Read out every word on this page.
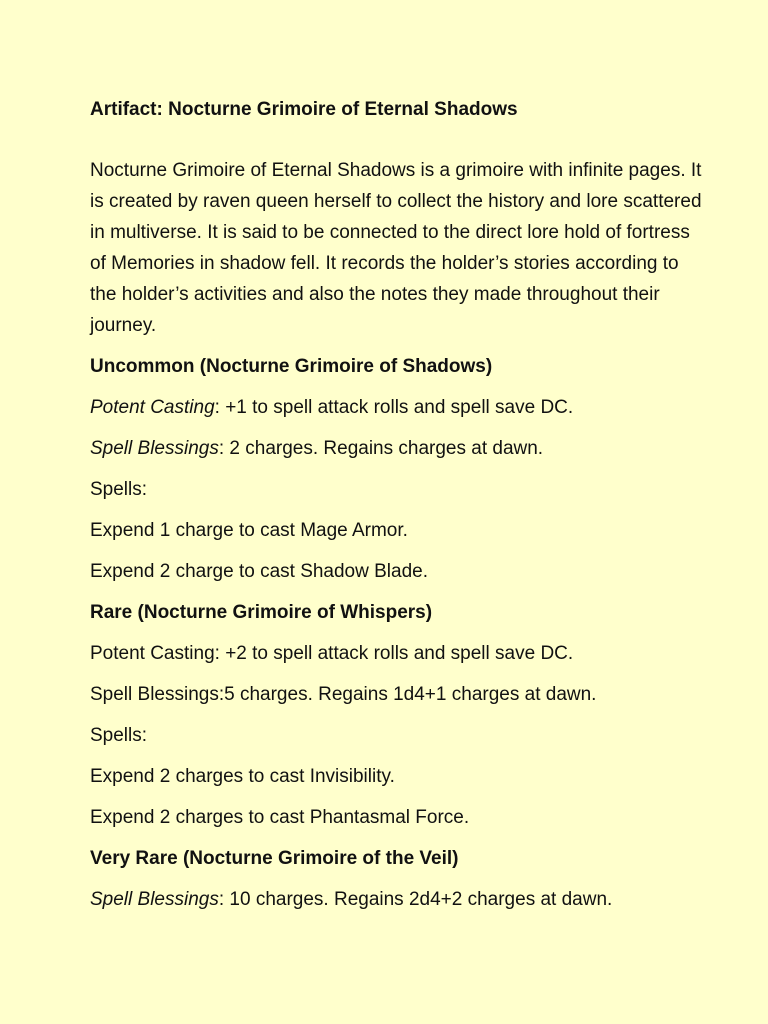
Artifact: Nocturne Grimoire of Eternal Shadows

Nocturne Grimoire of Eternal Shadows is a grimoire with infinite pages. It is created by raven queen herself to collect the history and lore scattered in multiverse. It is said to be connected to the direct lore hold of fortress of Memories in shadow fell. It records the holder’s stories according to the holder’s activities and also the notes they made throughout their journey.

Uncommon (Nocturne Grimoire of Shadows)

Potent Casting: +1 to spell attack rolls and spell save DC.

Spell Blessings: 2 charges. Regains charges at dawn.

Spells:

Expend 1 charge to cast Mage Armor.

Expend 2 charge to cast Shadow Blade.

Rare (Nocturne Grimoire of Whispers)

Potent Casting: +2 to spell attack rolls and spell save DC.

Spell Blessings:5 charges. Regains 1d4+1 charges at dawn.

Spells:

Expend 2 charges to cast Invisibility.

Expend 2 charges to cast Phantasmal Force.

Very Rare (Nocturne Grimoire of the Veil)

Spell Blessings: 10 charges. Regains 2d4+2 charges at dawn.
